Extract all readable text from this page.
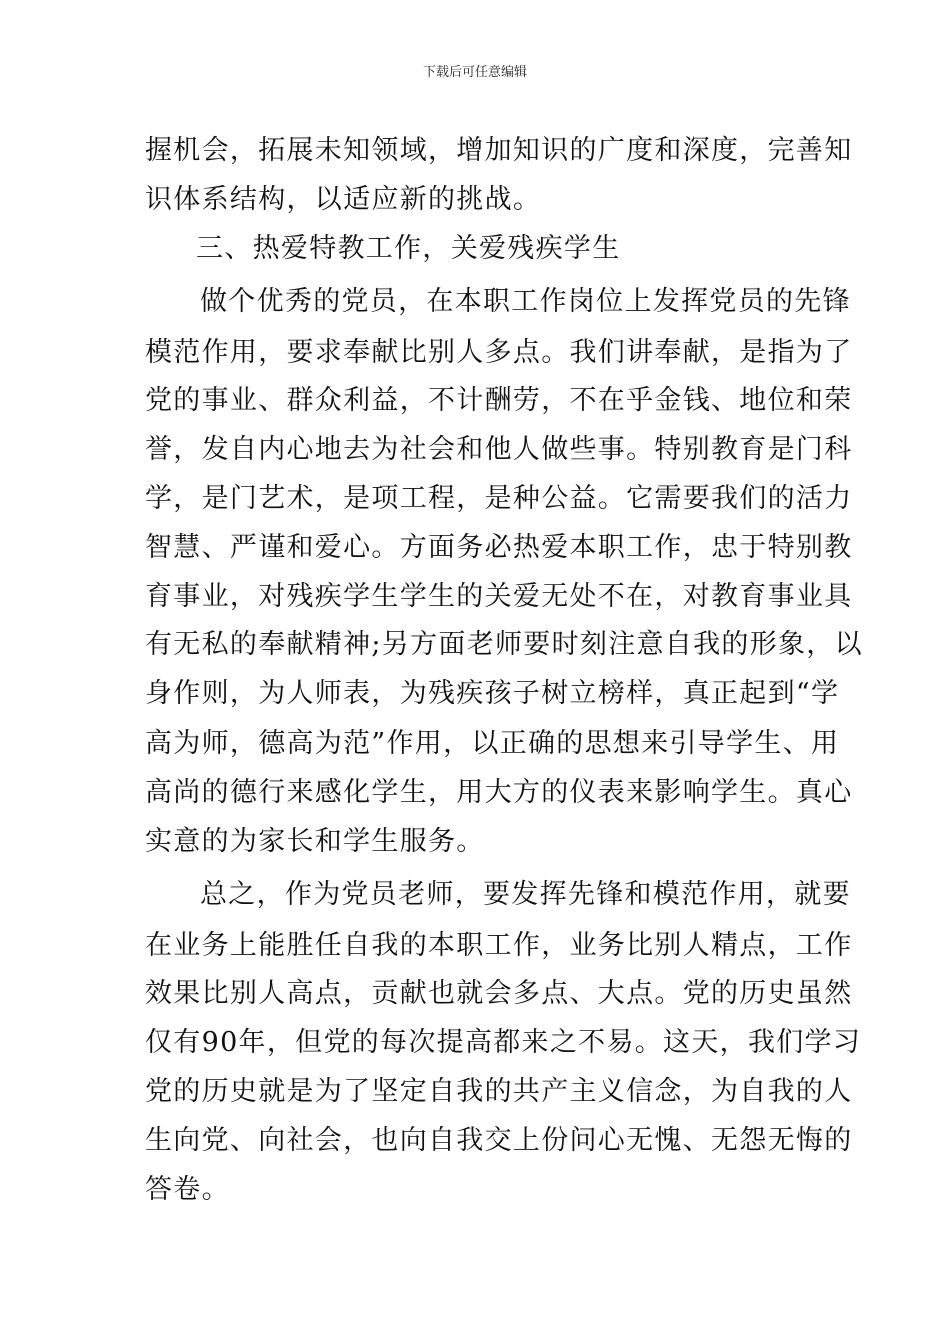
下载后可任意编辑
握机会，拓展未知领域，增加知识的广度和深度，完善知
识体系结构，以适应新的挑战。
三、热爱特教工作，关爱残疾学生
做个优秀的党员，在本职工作岗位上发挥党员的先锋
模范作用，要求奉献比别人多点。我们讲奉献，是指为了
党的事业、群众利益，不计酬劳，不在乎金钱、地位和荣
誉，发自内心地去为社会和他人做些事。特别教育是门科
学，是门艺术，是项工程，是种公益。它需要我们的活力
智慧、严谨和爱心。方面务必热爱本职工作，忠于特别教
育事业，对残疾学生学生的关爱无处不在，对教育事业具
有无私的奉献精神;另方面老师要时刻注意自我的形象，以
身作则，为人师表，为残疾孩子树立榜样，真正起到“学
高为师，德高为范”作用，以正确的思想来引导学生、用
高尚的德行来感化学生，用大方的仪表来影响学生。真心
实意的为家长和学生服务。
总之，作为党员老师，要发挥先锋和模范作用，就要
在业务上能胜任自我的本职工作，业务比别人精点，工作
效果比别人高点，贡献也就会多点、大点。党的历史虽然
仅有90年，但党的每次提高都来之不易。这天，我们学习
党的历史就是为了坚定自我的共产主义信念，为自我的人
生向党、向社会，也向自我交上份问心无愧、无怨无悔的
答卷。
